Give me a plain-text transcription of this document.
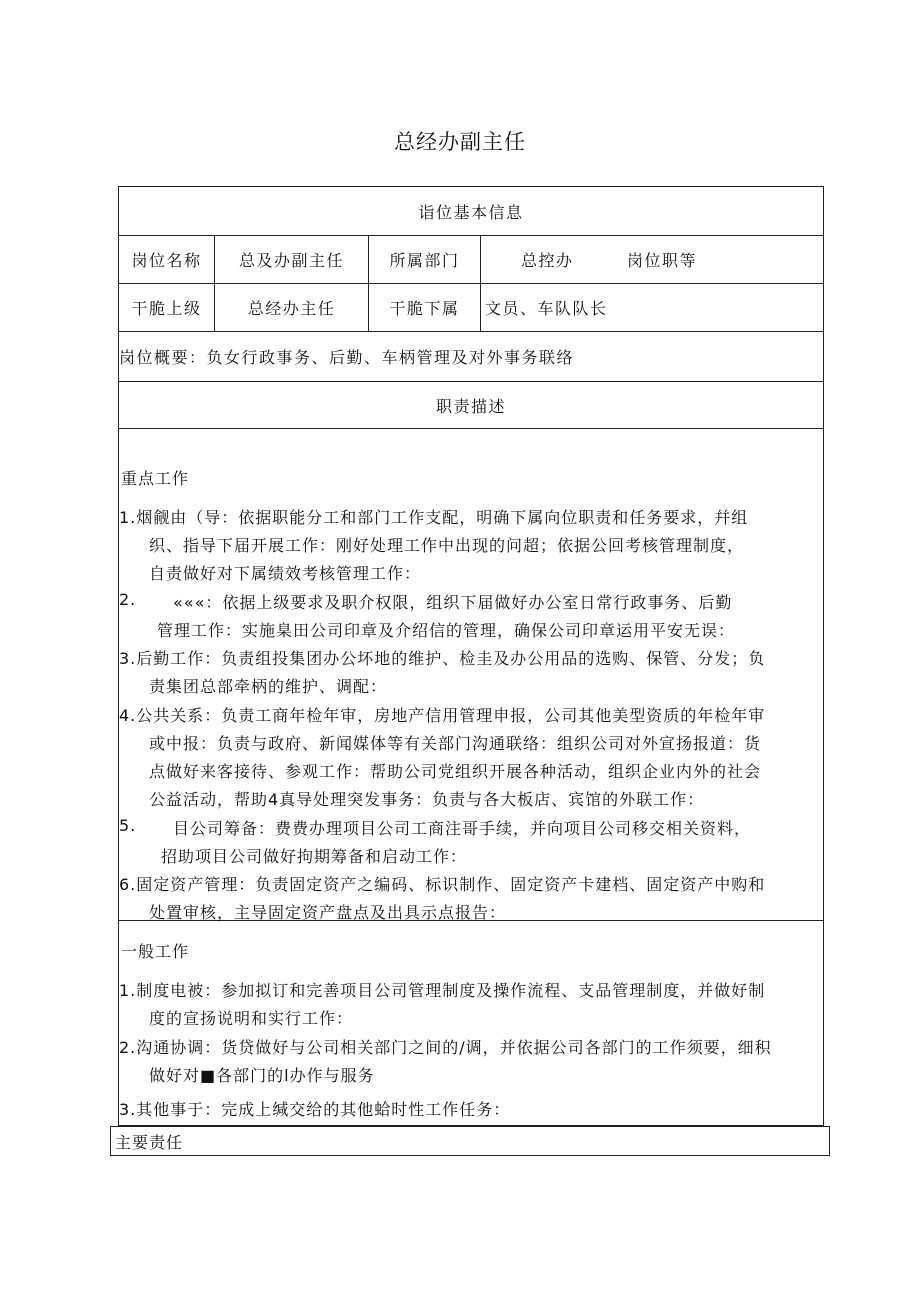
总经办副主任
诣位基本信息
岗位名称	总及办副主任	所属部门	总控办	岗位职等
干脆上级	总经办主任	干脆下属	文员、车队队长
岗位概要：负女行政事务、后勤、车柄管理及对外事务联络
职责描述
重点工作
1.烟觎由（导：依据职能分工和部门工作支配，明确下属向位职责和任务要求，幷组
织、指导下届开展工作：刚好处理工作中出现的问超；依据公回考核管理制度，
自责做好对下属绩效考核管理工作：
2. «««：依据上级要求及职介权限，组织下届做好办公室日常行政事务、后勤
管理工作：实施臬田公司印章及介绍信的管理，确保公司印章运用平安无误：
3.后勤工作：负责组投集团办公坏地的维护、检圭及办公用品的选购、保管、分发；负
责集团总部牵柄的维护、调配：
4.公共关系：负责工商年检年审，房地产信用管理申报，公司其他美型资质的年检年审
或中报：负责与政府、新闻媒体等有关部门沟通联络：组织公司对外宣扬报道：货
点做好来客接待、参观工作：帮助公司党组织开展各种活动，组织企业内外的社会
公益活动，帮助4真导处理突发事务：负责与各大板店、宾馆的外联工作：
5. 目公司筹备：费费办理项目公司工商注哥手续，并向项目公司移交相关资料，
招助项目公司做好拘期筹备和启动工作：
6.固定资产管理：负责固定资产之编码、标识制作、固定资产卡建档、固定资产中购和
处置审核，主导固定资产盘点及出具示点报告：
一般工作
1.制度电被：参加拟订和完善项目公司管理制度及操作流程、支品管理制度，并做好制
度的宣扬说明和实行工作：
2.沟通协调：货贷做好与公司相关部门之间的/调，并依据公司各部门的工作须要，细积
做好对■各部门的l办作与服务
3.其他事于：完成上缄交给的其他蛤时性工作任务：
主要责任
